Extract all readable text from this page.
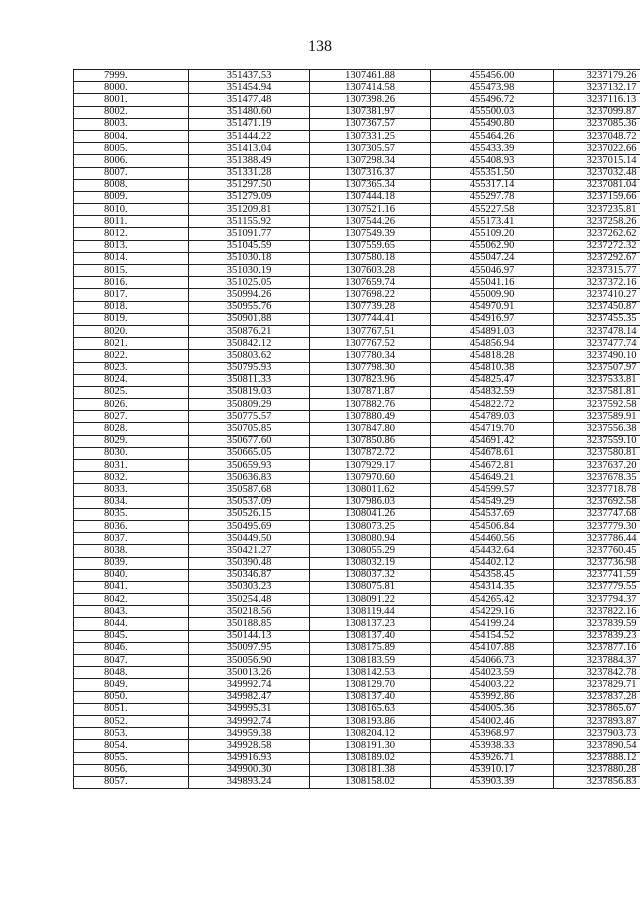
138
7999.	351437.53	1307461.88	455456.00	3237179.26
8000.	351454.94	1307414.58	455473.98	3237132.17
8001.	351477.48	1307398.26	455496.72	3237116.13
8002.	351480.60	1307381.97	455500.03	3237099.87
8003.	351471.19	1307367.57	455490.80	3237085.36
8004.	351444.22	1307331.25	455464.26	3237048.72
8005.	351413.04	1307305.57	455433.39	3237022.66
8006.	351388.49	1307298.34	455408.93	3237015.14
8007.	351331.28	1307316.37	455351.50	3237032.48
8008.	351297.50	1307365.34	455317.14	3237081.04
8009.	351279.09	1307444.18	455297.78	3237159.66
8010.	351209.81	1307521.16	455227.58	3237235.81
8011.	351155.92	1307544.26	455173.41	3237258.26
8012.	351091.77	1307549.39	455109.20	3237262.62
8013.	351045.59	1307559.65	455062.90	3237272.32
8014.	351030.18	1307580.18	455047.24	3237292.67
8015.	351030.19	1307603.28	455046.97	3237315.77
8016.	351025.05	1307659.74	455041.16	3237372.16
8017.	350994.26	1307698.22	455009.90	3237410.27
8018.	350955.76	1307739.28	454970.91	3237450.87
8019.	350901.88	1307744.41	454916.97	3237455.35
8020.	350876.21	1307767.51	454891.03	3237478.14
8021.	350842.12	1307767.52	454856.94	3237477.74
8022.	350803.62	1307780.34	454818.28	3237490.10
8023.	350795.93	1307798.30	454810.38	3237507.97
8024.	350811.33	1307823.96	454825.47	3237533.81
8025.	350819.03	1307871.87	454832.59	3237581.81
8026.	350809.29	1307882.76	454822.72	3237592.58
8027.	350775.57	1307880.49	454789.03	3237589.91
8028.	350705.85	1307847.80	454719.70	3237556.38
8029.	350677.60	1307850.86	454691.42	3237559.10
8030.	350665.05	1307872.72	454678.61	3237580.81
8031.	350659.93	1307929.17	454672.81	3237637.20
8032.	350636.83	1307970.60	454649.21	3237678.35
8033.	350587.68	1308011.62	454599.57	3237718.78
8034.	350537.09	1307986.03	454549.29	3237692.58
8035.	350526.15	1308041.26	454537.69	3237747.68
8036.	350495.69	1308073.25	454506.84	3237779.30
8037.	350449.50	1308080.94	454460.56	3237786.44
8038.	350421.27	1308055.29	454432.64	3237760.45
8039.	350390.48	1308032.19	454402.12	3237736.98
8040.	350346.87	1308037.32	454358.45	3237741.59
8041.	350303.23	1308075.81	454314.35	3237779.55
8042.	350254.48	1308091.22	454265.42	3237794.37
8043.	350218.56	1308119.44	454229.16	3237822.16
8044.	350188.85	1308137.23	454199.24	3237839.59
8045.	350144.13	1308137.40	454154.52	3237839.23
8046.	350097.95	1308175.89	454107.88	3237877.16
8047.	350056.90	1308183.59	454066.73	3237884.37
8048.	350013.26	1308142.53	454023.59	3237842.78
8049.	349992.74	1308129.70	454003.22	3237829.71
8050.	349982.47	1308137.40	453992.86	3237837.28
8051.	349995.31	1308165.63	454005.36	3237865.67
8052.	349992.74	1308193.86	454002.46	3237893.87
8053.	349959.38	1308204.12	453968.97	3237903.73
8054.	349928.58	1308191.30	453938.33	3237890.54
8055.	349916.93	1308189.02	453926.71	3237888.12
8056.	349900.30	1308181.38	453910.17	3237880.28
8057.	349893.24	1308158.02	453903.39	3237856.83
